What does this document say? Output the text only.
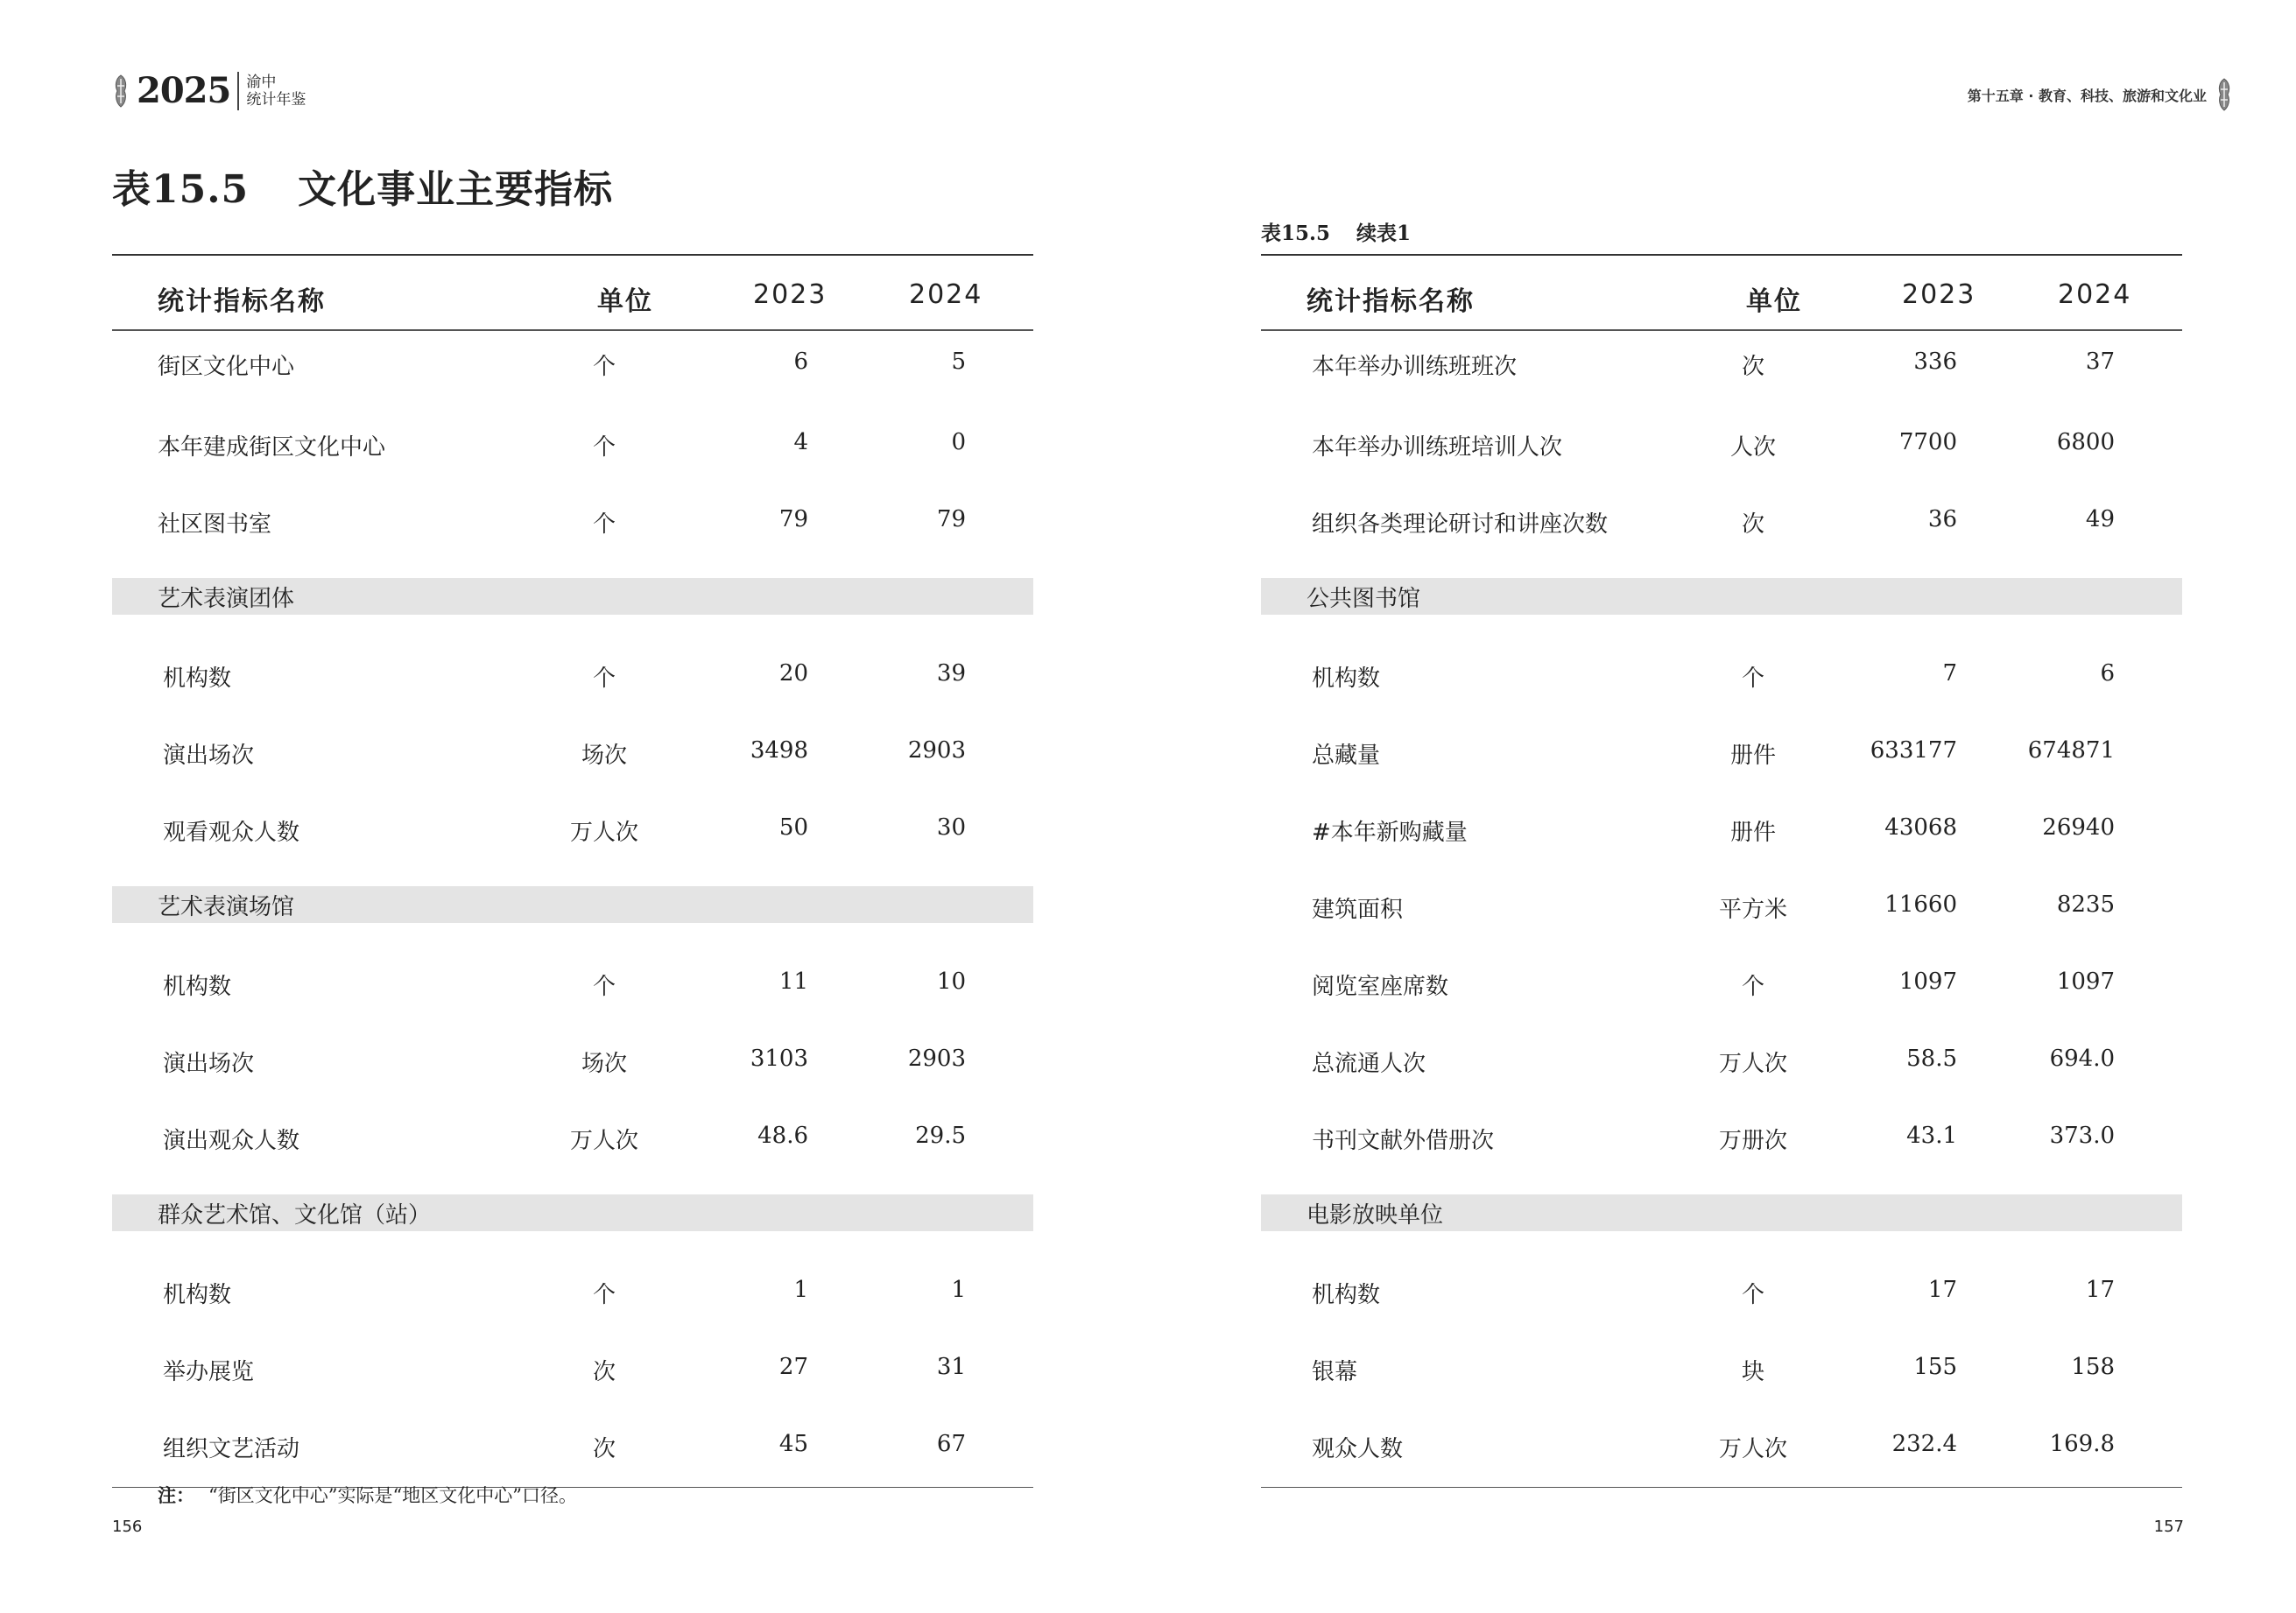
2025 渝中
统计年鉴
表15.5 文化事业主要指标
统计指标名称	单位	2023	2024
街区文化中心	个	6	5
本年建成街区文化中心	个	4	0
社区图书室	个	79	79
艺术表演团体
机构数	个	20	39
演出场次	场次	3498	2903
观看观众人数	万人次	50	30
艺术表演场馆
机构数	个	11	10
演出场次	场次	3103	2903
演出观众人数	万人次	48.6	29.5
群众艺术馆、文化馆（站）
机构数	个	1	1
举办展览	次	27	31
组织文艺活动	次	45	67
注： “街区文化中心”实际是“地区文化中心”口径。
156
第十五章 · 教育、科技、旅游和文化业
表15.5 续表1
统计指标名称	单位	2023	2024
本年举办训练班班次	次	336	37
本年举办训练班培训人次	人次	7700	6800
组织各类理论研讨和讲座次数	次	36	49
公共图书馆
机构数	个	7	6
总藏量	册件	633177	674871
#本年新购藏量	册件	43068	26940
建筑面积	平方米	11660	8235
阅览室座席数	个	1097	1097
总流通人次	万人次	58.5	694.0
书刊文献外借册次	万册次	43.1	373.0
电影放映单位
机构数	个	17	17
银幕	块	155	158
观众人数	万人次	232.4	169.8
157
